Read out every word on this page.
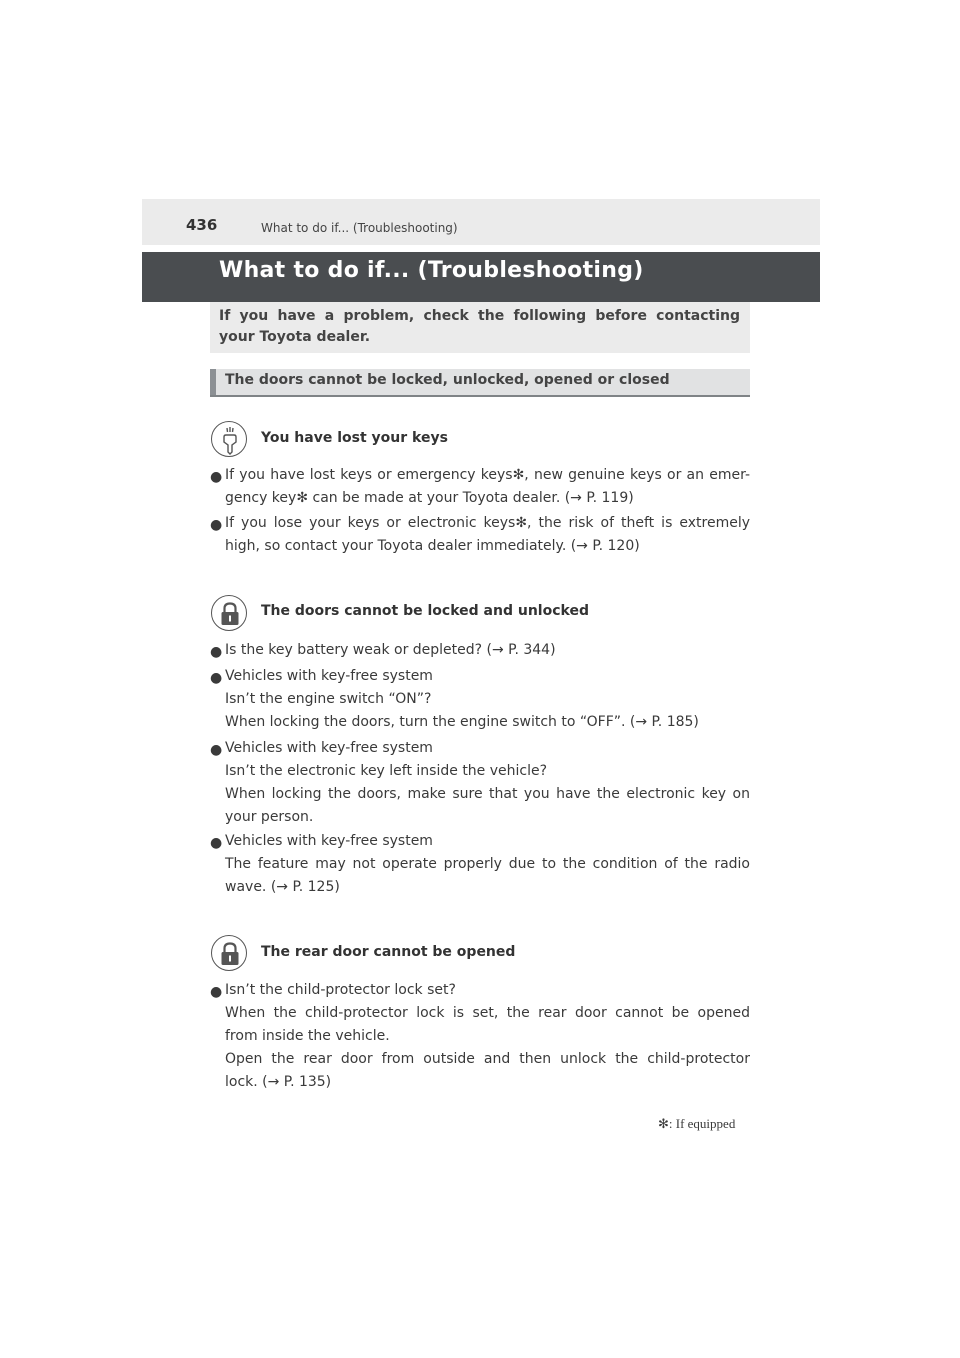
436	What to do if... (Troubleshooting)
What to do if... (Troubleshooting)
If you have a problem, check the following before contacting your Toyota dealer.
The doors cannot be locked, unlocked, opened or closed
You have lost your keys
● If you have lost keys or emergency keys✻, new genuine keys or an emer-
gency key✻ can be made at your Toyota dealer. (→ P. 119)
● If you lose your keys or electronic keys✻, the risk of theft is extremely
high, so contact your Toyota dealer immediately. (→ P. 120)
The doors cannot be locked and unlocked
● Is the key battery weak or depleted? (→ P. 344)
● Vehicles with key-free system
Isn’t the engine switch “ON”?
When locking the doors, turn the engine switch to “OFF”. (→ P. 185)
● Vehicles with key-free system
Isn’t the electronic key left inside the vehicle?
When locking the doors, make sure that you have the electronic key on
your person.
● Vehicles with key-free system
The feature may not operate properly due to the condition of the radio
wave. (→ P. 125)
The rear door cannot be opened
● Isn’t the child-protector lock set?
When the child-protector lock is set, the rear door cannot be opened
from inside the vehicle.
Open the rear door from outside and then unlock the child-protector
lock. (→ P. 135)
✻: If equipped
